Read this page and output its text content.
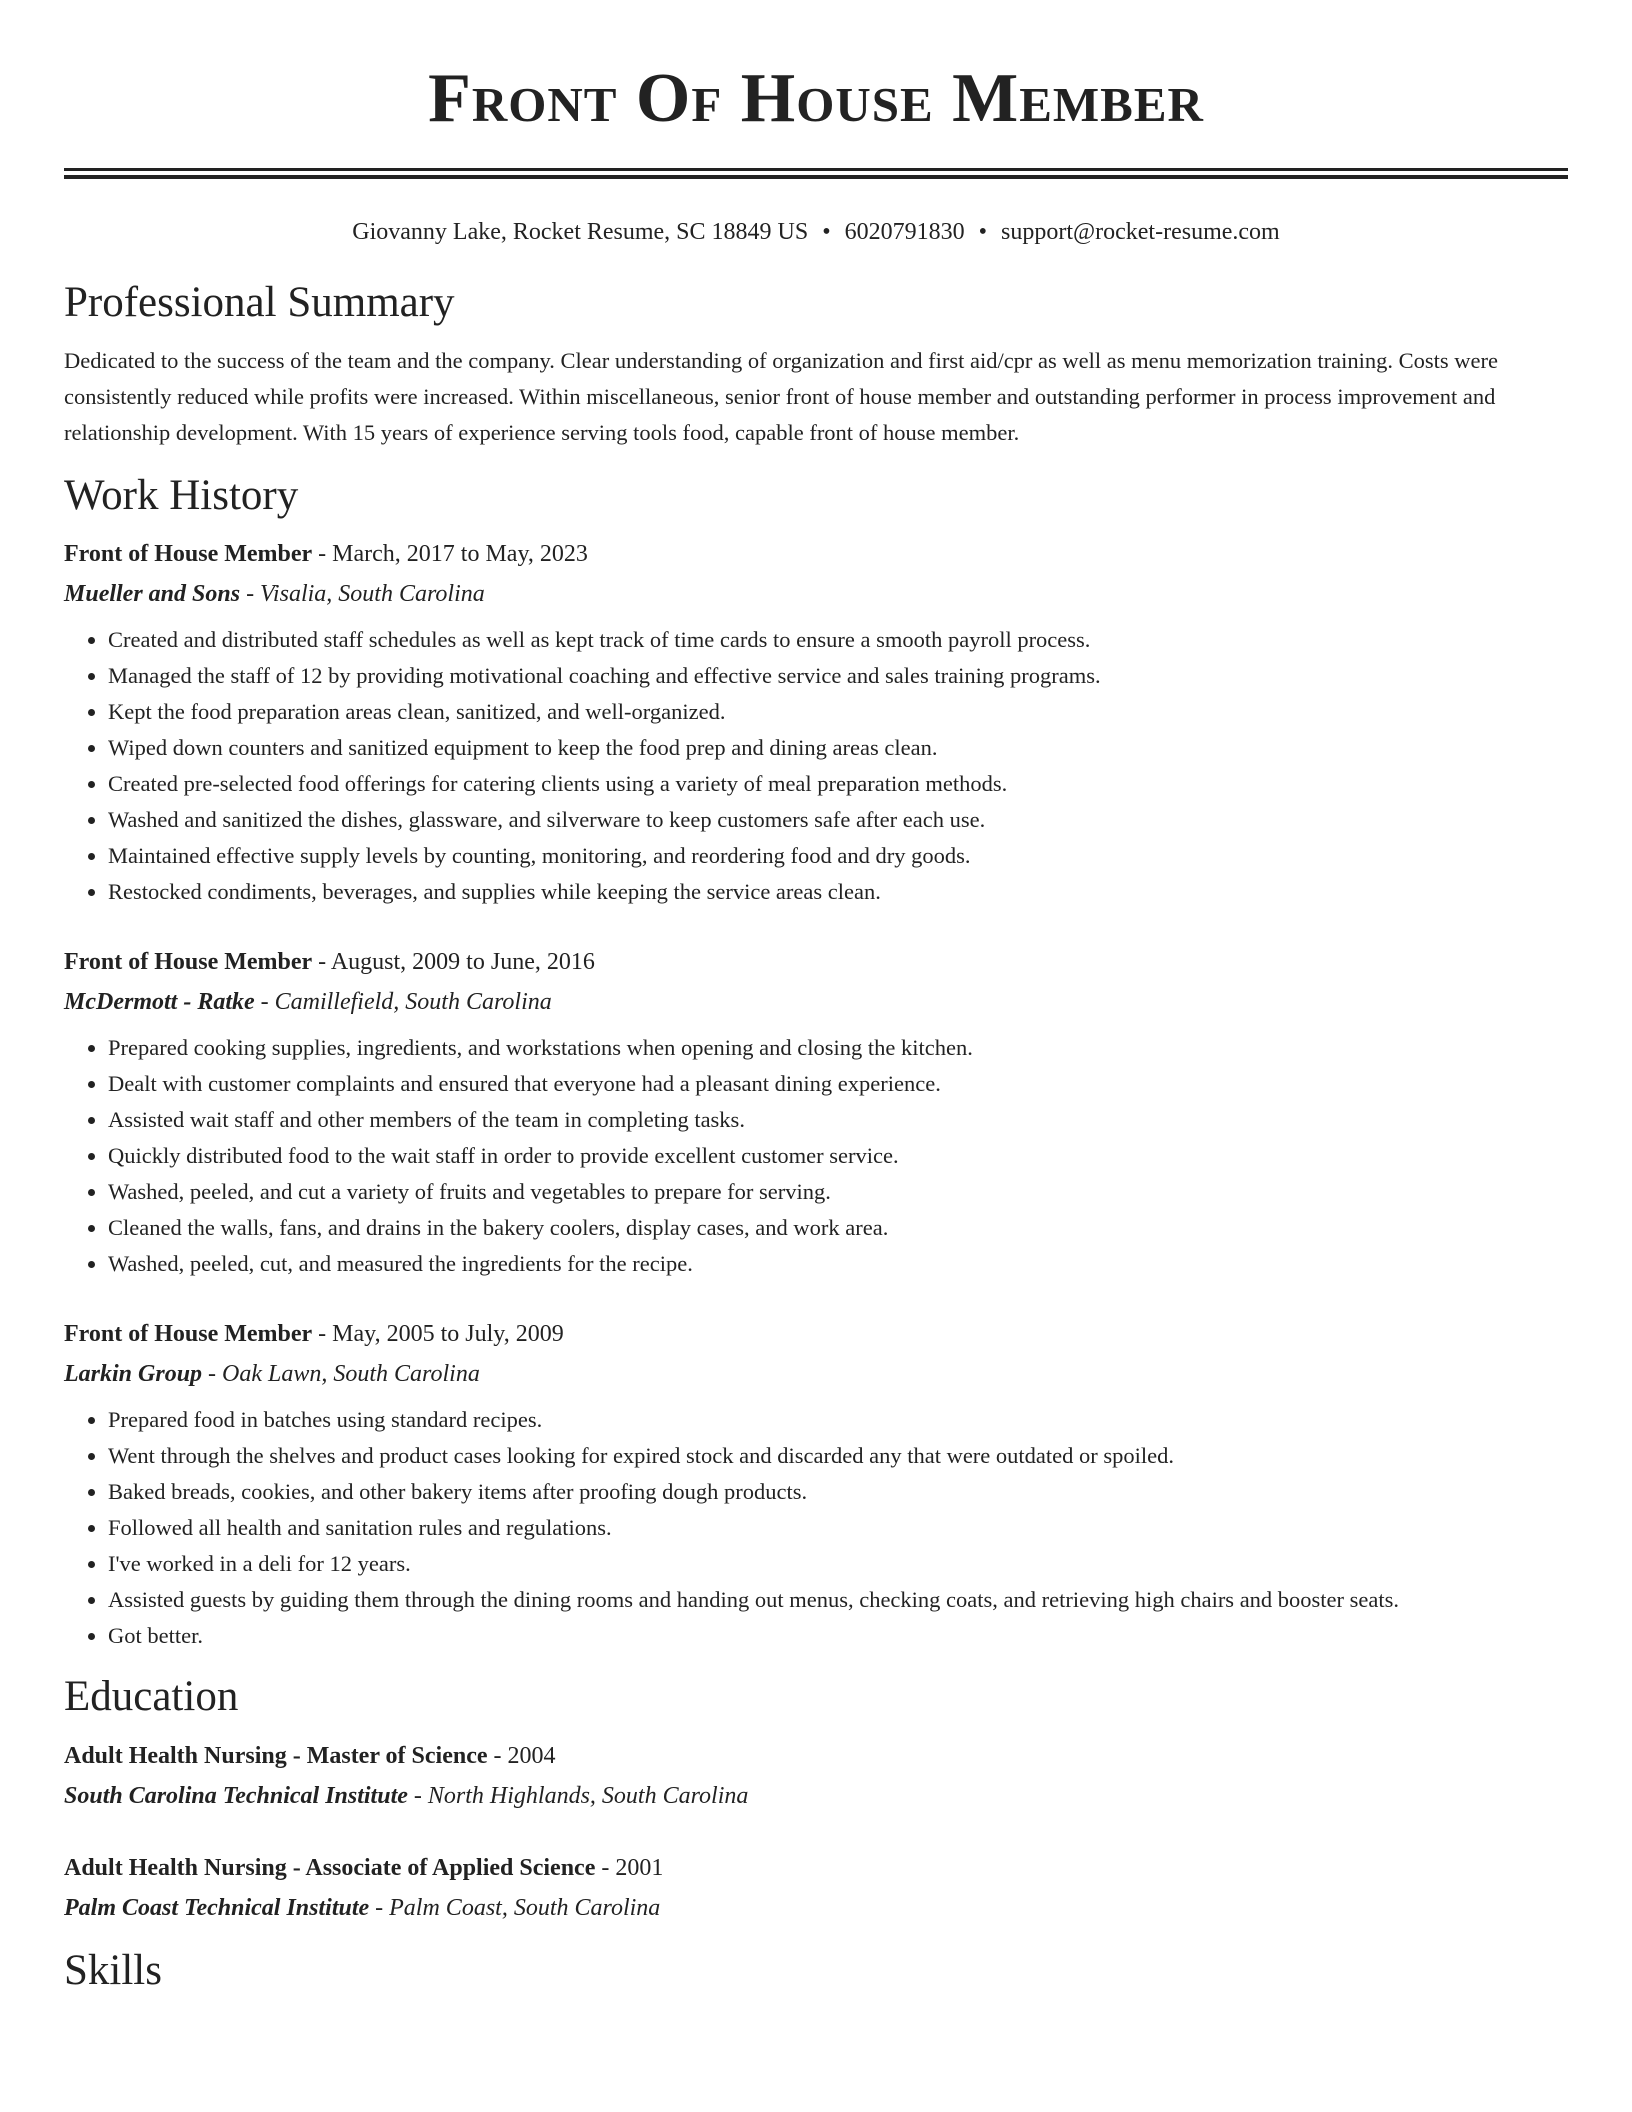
Front Of House Member
Giovanny Lake, Rocket Resume, SC 18849 US • 6020791830 • support@rocket-resume.com
Professional Summary
Dedicated to the success of the team and the company. Clear understanding of organization and first aid/cpr as well as menu memorization training. Costs were consistently reduced while profits were increased. Within miscellaneous, senior front of house member and outstanding performer in process improvement and relationship development. With 15 years of experience serving tools food, capable front of house member.
Work History
Front of House Member - March, 2017 to May, 2023
Mueller and Sons - Visalia, South Carolina
• Created and distributed staff schedules as well as kept track of time cards to ensure a smooth payroll process.
• Managed the staff of 12 by providing motivational coaching and effective service and sales training programs.
• Kept the food preparation areas clean, sanitized, and well-organized.
• Wiped down counters and sanitized equipment to keep the food prep and dining areas clean.
• Created pre-selected food offerings for catering clients using a variety of meal preparation methods.
• Washed and sanitized the dishes, glassware, and silverware to keep customers safe after each use.
• Maintained effective supply levels by counting, monitoring, and reordering food and dry goods.
• Restocked condiments, beverages, and supplies while keeping the service areas clean.
Front of House Member - August, 2009 to June, 2016
McDermott - Ratke - Camillefield, South Carolina
• Prepared cooking supplies, ingredients, and workstations when opening and closing the kitchen.
• Dealt with customer complaints and ensured that everyone had a pleasant dining experience.
• Assisted wait staff and other members of the team in completing tasks.
• Quickly distributed food to the wait staff in order to provide excellent customer service.
• Washed, peeled, and cut a variety of fruits and vegetables to prepare for serving.
• Cleaned the walls, fans, and drains in the bakery coolers, display cases, and work area.
• Washed, peeled, cut, and measured the ingredients for the recipe.
Front of House Member - May, 2005 to July, 2009
Larkin Group - Oak Lawn, South Carolina
• Prepared food in batches using standard recipes.
• Went through the shelves and product cases looking for expired stock and discarded any that were outdated or spoiled.
• Baked breads, cookies, and other bakery items after proofing dough products.
• Followed all health and sanitation rules and regulations.
• I've worked in a deli for 12 years.
• Assisted guests by guiding them through the dining rooms and handing out menus, checking coats, and retrieving high chairs and booster seats.
• Got better.
Education
Adult Health Nursing - Master of Science - 2004
South Carolina Technical Institute - North Highlands, South Carolina
Adult Health Nursing - Associate of Applied Science - 2001
Palm Coast Technical Institute - Palm Coast, South Carolina
Skills
